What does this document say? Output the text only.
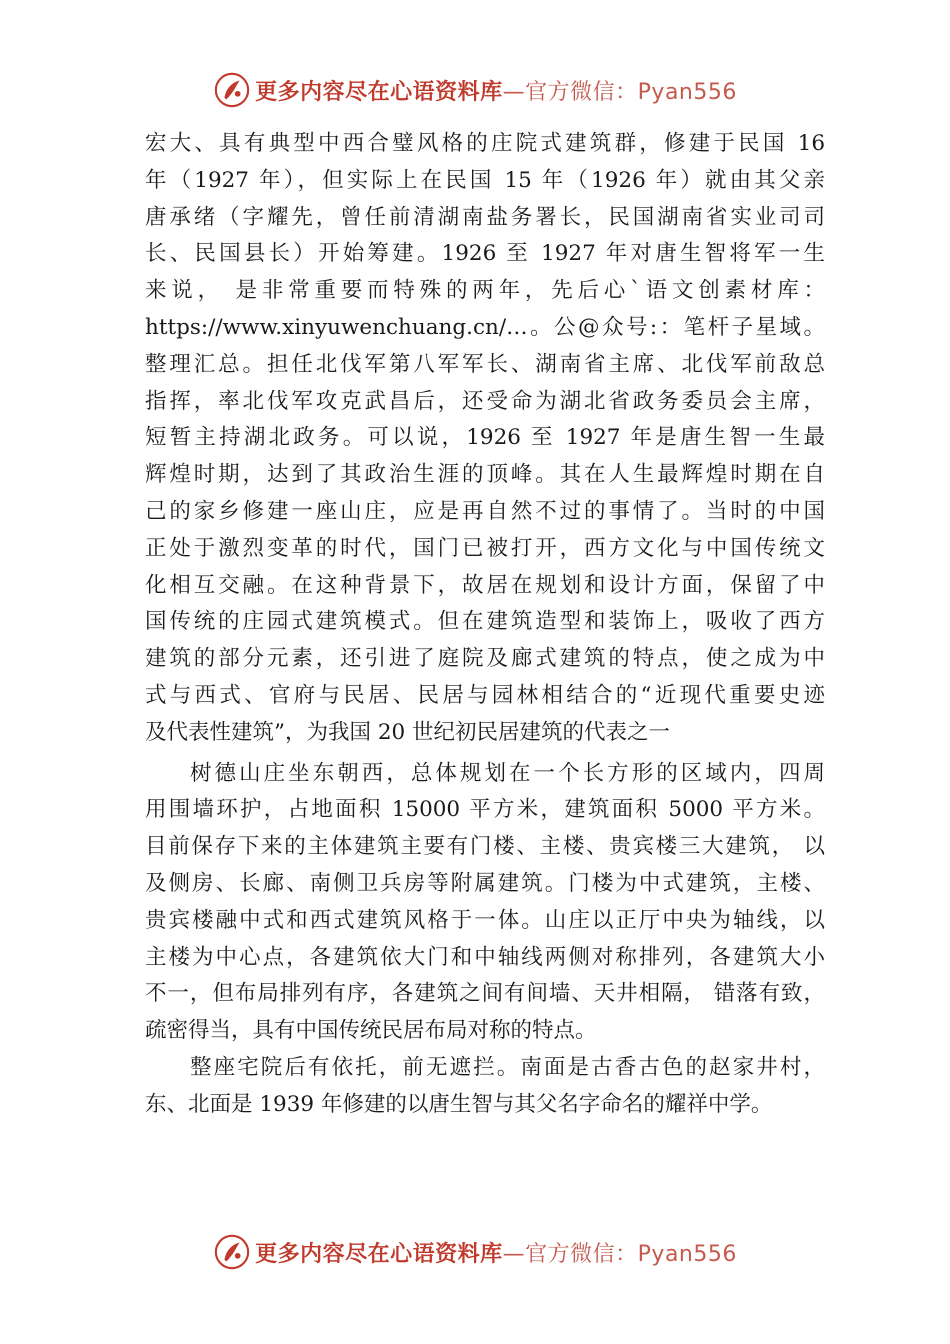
更多内容尽在心语资料库—官方微信：Pyan556
宏大、具有典型中西合璧风格的庄院式建筑群，修建于民国 16
年（1927 年），但实际上在民国 15 年（1926 年）就由其父亲
唐承绪（字耀先，曾任前清湖南盐务署长，民国湖南省实业司司
长、民国县长）开始筹建。1926 至 1927 年对唐生智将军一生
来说， 是非常重要而特殊的两年，先后心`语文创素材库：
https://www.xinyuwenchuang.cn/…。公@众号:：笔杆子星域。
整理汇总。担任北伐军第八军军长、湖南省主席、北伐军前敌总
指挥，率北伐军攻克武昌后，还受命为湖北省政务委员会主席，
短暂主持湖北政务。可以说，1926 至 1927 年是唐生智一生最
辉煌时期，达到了其政治生涯的顶峰。其在人生最辉煌时期在自
己的家乡修建一座山庄，应是再自然不过的事情了。当时的中国
正处于激烈变革的时代，国门已被打开，西方文化与中国传统文
化相互交融。在这种背景下，故居在规划和设计方面，保留了中
国传统的庄园式建筑模式。但在建筑造型和装饰上，吸收了西方
建筑的部分元素，还引进了庭院及廊式建筑的特点，使之成为中
式与西式、官府与民居、民居与园林相结合的“近现代重要史迹
及代表性建筑”，为我国 20 世纪初民居建筑的代表之一
树德山庄坐东朝西，总体规划在一个长方形的区域内，四周
用围墙环护，占地面积 15000 平方米，建筑面积 5000 平方米。
目前保存下来的主体建筑主要有门楼、主楼、贵宾楼三大建筑， 以
及侧房、长廊、南侧卫兵房等附属建筑。门楼为中式建筑，主楼、
贵宾楼融中式和西式建筑风格于一体。山庄以正厅中央为轴线，以
主楼为中心点，各建筑依大门和中轴线两侧对称排列，各建筑大小
不一，但布局排列有序，各建筑之间有间墙、天井相隔， 错落有致，
疏密得当，具有中国传统民居布局对称的特点。
整座宅院后有依托，前无遮拦。南面是古香古色的赵家井村，
东、北面是 1939 年修建的以唐生智与其父名字命名的耀祥中学。
更多内容尽在心语资料库—官方微信：Pyan556
